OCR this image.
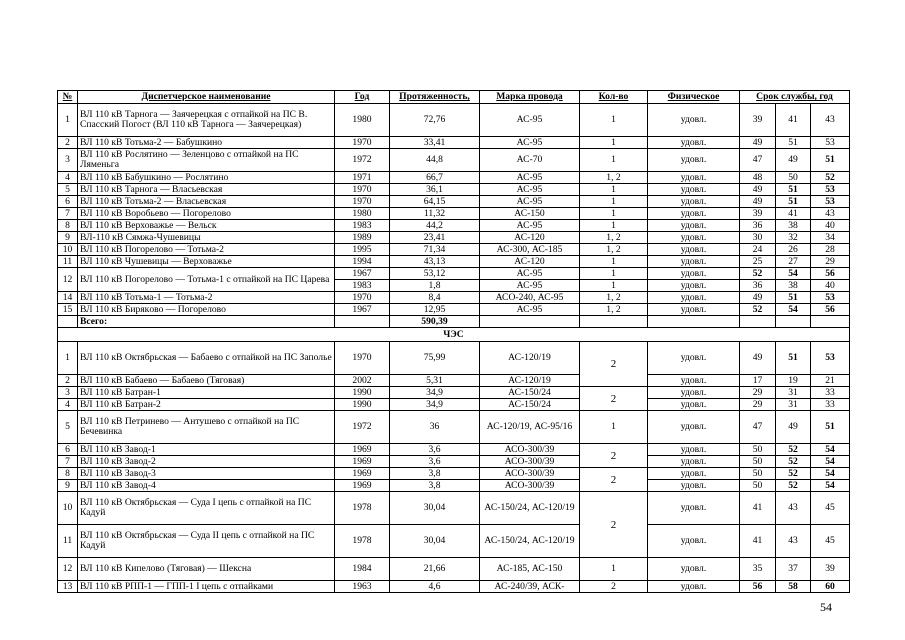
№	Диспетчерское наименование	Год	Протяженность,	Марка провода	Кол-во	Физическое	Срок службы, год		
1	ВЛ 110 кВ Тарнога — Заячерецкая с отпайкой на ПС В. Спасский Погост (ВЛ 110 кВ Тарнога — Заячерецкая)	1980	72,76	АС-95	1	удовл.	39	41	43
2	ВЛ 110 кВ Тотьма-2 — Бабушкино	1970	33,41	АС-95	1	удовл.	49	51	53
3	ВЛ 110 кВ Рослятино — Зеленцово с отпайкой на ПС Ляменьга	1972	44,8	АС-70	1	удовл.	47	49	51
4	ВЛ 110 кВ Бабушкино — Рослятино	1971	66,7	АС-95	1, 2	удовл.	48	50	52
5	ВЛ 110 кВ Тарнога — Власьевская	1970	36,1	АС-95	1	удовл.	49	51	53
6	ВЛ 110 кВ Тотьма-2 — Власьевская	1970	64,15	АС-95	1	удовл.	49	51	53
7	ВЛ 110 кВ Воробьево — Погорелово	1980	11,32	АС-150	1	удовл.	39	41	43
8	ВЛ 110 кВ Верховажье — Вельск	1983	44,2	АС-95	1	удовл.	36	38	40
9	ВЛ-110 кВ Сямжа-Чушевицы	1989	23,41	АС-120	1, 2	удовл.	30	32	34
10	ВЛ 110 кВ Погорелово — Тотьма-2	1995	71,34	АС-300, АС-185	1, 2	удовл.	24	26	28
11	ВЛ 110 кВ Чушевицы — Верховажье	1994	43,13	АС-120	1	удовл.	25	27	29
12	ВЛ 110 кВ Погорелово — Тотьма-1 с отпайкой на ПС Царева	1967	53,12	АС-95	1	удовл.	52	54	56
		1983	1,8	АС-95	1	удовл.	36	38	40
14	ВЛ 110 кВ Тотьма-1 — Тотьма-2	1970	8,4	АСО-240, АС-95	1, 2	удовл.	49	51	53
15	ВЛ 110 кВ Бирякoво — Погорелово	1967	12,95	АС-95	1, 2	удовл.	52	54	56
	Всего:		590,39						
ЧЭС									
1	ВЛ 110 кВ Октябрьская — Бабаево с отпайкой на ПС Заполье	1970	75,99	АС-120/19	2	удовл.	49	51	53
2	ВЛ 110 кВ Бабаево — Бабаево (Тяговая)	2002	5,31	АС-120/19		удовл.	17	19	21
3	ВЛ 110 кВ Батран-1	1990	34,9	АС-150/24	2	удовл.	29	31	33
4	ВЛ 110 кВ Батран-2	1990	34,9	АС-150/24		удовл.	29	31	33
5	ВЛ 110 кВ Петринево — Антушево с отпайкой на ПС Бечевинка	1972	36	АС-120/19, АС-95/16	1	удовл.	47	49	51
6	ВЛ 110 кВ Завод-1	1969	3,6	АСО-300/39	2	удовл.	50	52	54
7	ВЛ 110 кВ Завод-2	1969	3,6	АСО-300/39		удовл.	50	52	54
8	ВЛ 110 кВ Завод-3	1969	3,8	АСО-300/39	2	удовл.	50	52	54
9	ВЛ 110 кВ Завод-4	1969	3,8	АСО-300/39		удовл.	50	52	54
10	ВЛ 110 кВ Октябрьская — Суда I цепь с отпайкой на ПС Кадуй	1978	30,04	АС-150/24, АС-120/19	2	удовл.	41	43	45
11	ВЛ 110 кВ Октябрьская — Суда II цепь с отпайкой на ПС Кадуй	1978	30,04	АС-150/24, АС-120/19		удовл.	41	43	45
12	ВЛ 110 кВ Кипелово (Тяговая) — Шексна	1984	21,66	АС-185, АС-150	1	удовл.	35	37	39
13	ВЛ 110 кВ РПП-1 — ГПП-1 I цепь с отпайками	1963	4,6	АС-240/39, АСК-	2	удовл.	56	58	60
54
